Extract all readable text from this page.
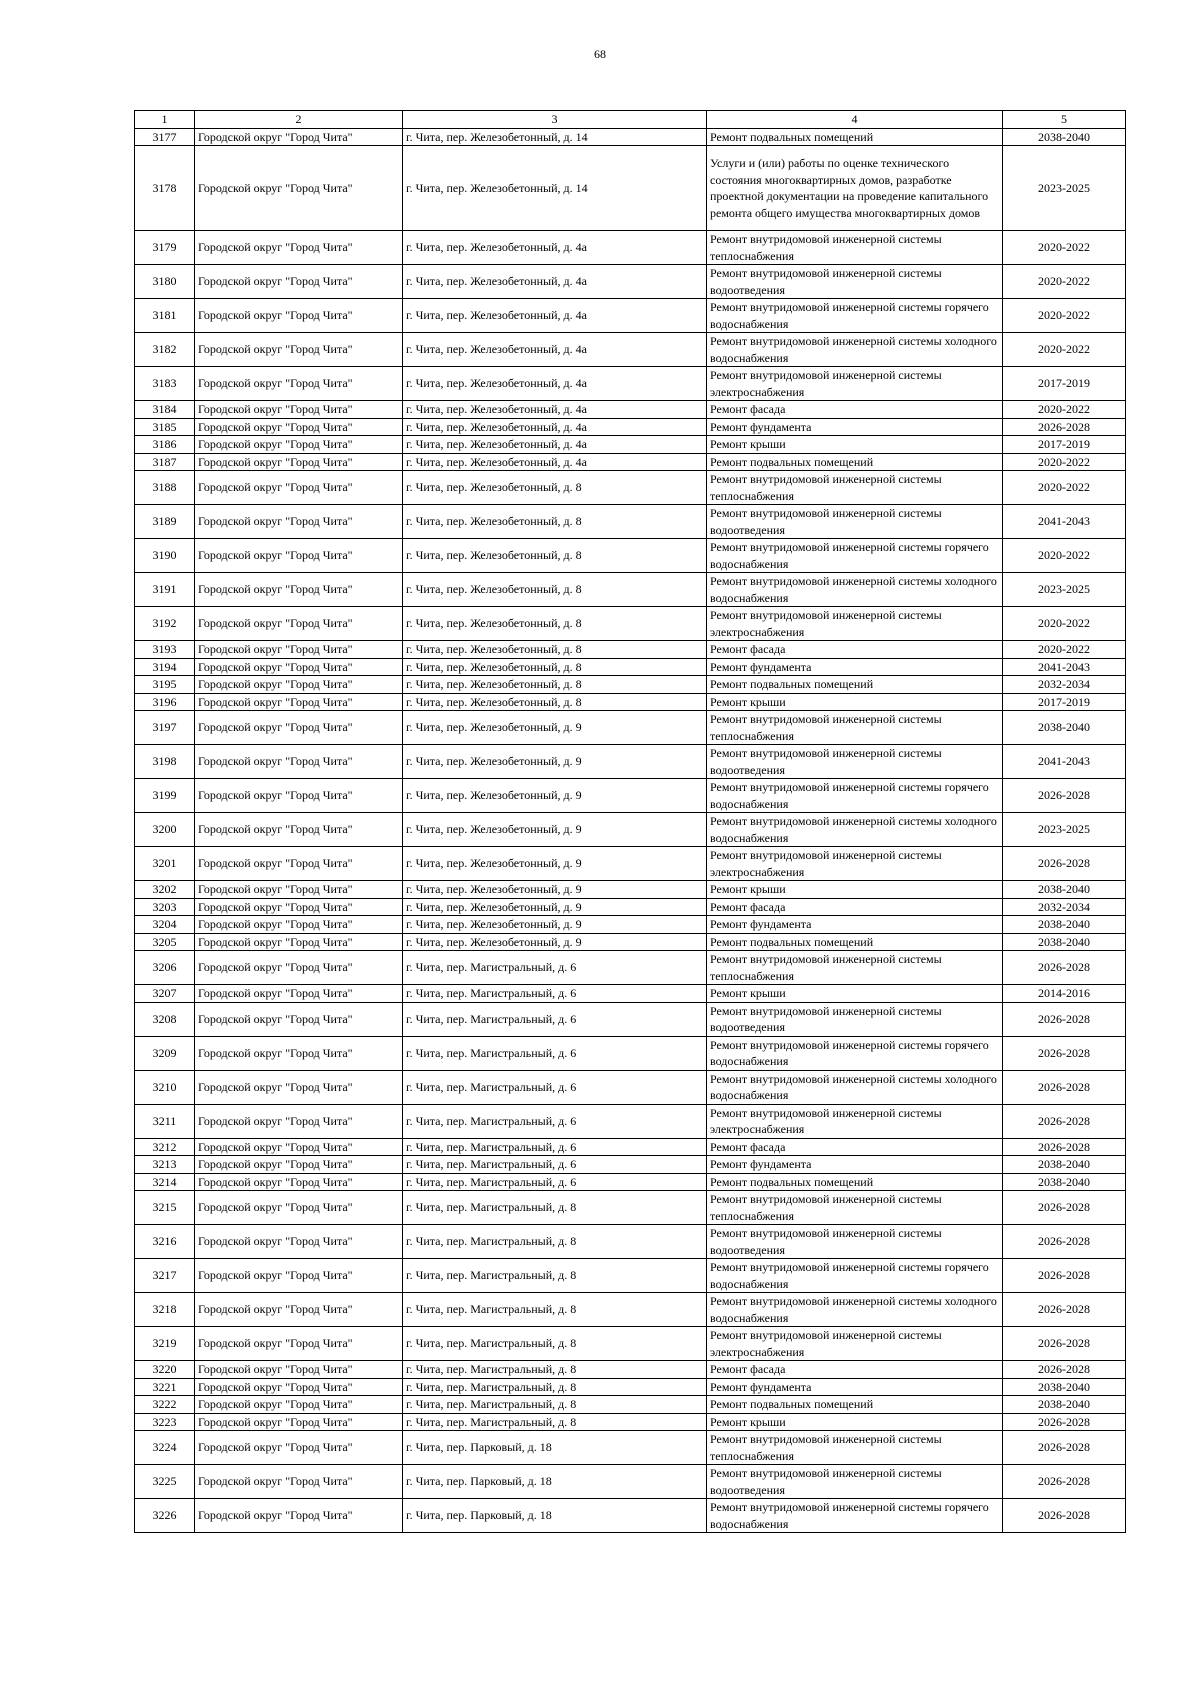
68
1	2	3	4	5
3177	Городской округ "Город Чита"	г. Чита, пер. Железобетонный, д. 14	Ремонт подвальных помещений	2038-2040
3178	Городской округ "Город Чита"	г. Чита, пер. Железобетонный, д. 14	Услуги и (или) работы по оценке технического состояния многоквартирных домов, разработке проектной документации на проведение капитального ремонта общего имущества многоквартирных домов	2023-2025
3179	Городской округ "Город Чита"	г. Чита, пер. Железобетонный, д. 4а	Ремонт внутридомовой инженерной системы теплоснабжения	2020-2022
3180	Городской округ "Город Чита"	г. Чита, пер. Железобетонный, д. 4а	Ремонт внутридомовой инженерной системы водоотведения	2020-2022
3181	Городской округ "Город Чита"	г. Чита, пер. Железобетонный, д. 4а	Ремонт внутридомовой инженерной системы горячего водоснабжения	2020-2022
3182	Городской округ "Город Чита"	г. Чита, пер. Железобетонный, д. 4а	Ремонт внутридомовой инженерной системы холодного водоснабжения	2020-2022
3183	Городской округ "Город Чита"	г. Чита, пер. Железобетонный, д. 4а	Ремонт внутридомовой инженерной системы электроснабжения	2017-2019
3184	Городской округ "Город Чита"	г. Чита, пер. Железобетонный, д. 4а	Ремонт фасада	2020-2022
3185	Городской округ "Город Чита"	г. Чита, пер. Железобетонный, д. 4а	Ремонт фундамента	2026-2028
3186	Городской округ "Город Чита"	г. Чита, пер. Железобетонный, д. 4а	Ремонт крыши	2017-2019
3187	Городской округ "Город Чита"	г. Чита, пер. Железобетонный, д. 4а	Ремонт подвальных помещений	2020-2022
3188	Городской округ "Город Чита"	г. Чита, пер. Железобетонный, д. 8	Ремонт внутридомовой инженерной системы теплоснабжения	2020-2022
3189	Городской округ "Город Чита"	г. Чита, пер. Железобетонный, д. 8	Ремонт внутридомовой инженерной системы водоотведения	2041-2043
3190	Городской округ "Город Чита"	г. Чита, пер. Железобетонный, д. 8	Ремонт внутридомовой инженерной системы горячего водоснабжения	2020-2022
3191	Городской округ "Город Чита"	г. Чита, пер. Железобетонный, д. 8	Ремонт внутридомовой инженерной системы холодного водоснабжения	2023-2025
3192	Городской округ "Город Чита"	г. Чита, пер. Железобетонный, д. 8	Ремонт внутридомовой инженерной системы электроснабжения	2020-2022
3193	Городской округ "Город Чита"	г. Чита, пер. Железобетонный, д. 8	Ремонт фасада	2020-2022
3194	Городской округ "Город Чита"	г. Чита, пер. Железобетонный, д. 8	Ремонт фундамента	2041-2043
3195	Городской округ "Город Чита"	г. Чита, пер. Железобетонный, д. 8	Ремонт подвальных помещений	2032-2034
3196	Городской округ "Город Чита"	г. Чита, пер. Железобетонный, д. 8	Ремонт крыши	2017-2019
3197	Городской округ "Город Чита"	г. Чита, пер. Железобетонный, д. 9	Ремонт внутридомовой инженерной системы теплоснабжения	2038-2040
3198	Городской округ "Город Чита"	г. Чита, пер. Железобетонный, д. 9	Ремонт внутридомовой инженерной системы водоотведения	2041-2043
3199	Городской округ "Город Чита"	г. Чита, пер. Железобетонный, д. 9	Ремонт внутридомовой инженерной системы горячего водоснабжения	2026-2028
3200	Городской округ "Город Чита"	г. Чита, пер. Железобетонный, д. 9	Ремонт внутридомовой инженерной системы холодного водоснабжения	2023-2025
3201	Городской округ "Город Чита"	г. Чита, пер. Железобетонный, д. 9	Ремонт внутридомовой инженерной системы электроснабжения	2026-2028
3202	Городской округ "Город Чита"	г. Чита, пер. Железобетонный, д. 9	Ремонт крыши	2038-2040
3203	Городской округ "Город Чита"	г. Чита, пер. Железобетонный, д. 9	Ремонт фасада	2032-2034
3204	Городской округ "Город Чита"	г. Чита, пер. Железобетонный, д. 9	Ремонт фундамента	2038-2040
3205	Городской округ "Город Чита"	г. Чита, пер. Железобетонный, д. 9	Ремонт подвальных помещений	2038-2040
3206	Городской округ "Город Чита"	г. Чита, пер. Магистральный, д. 6	Ремонт внутридомовой инженерной системы теплоснабжения	2026-2028
3207	Городской округ "Город Чита"	г. Чита, пер. Магистральный, д. 6	Ремонт крыши	2014-2016
3208	Городской округ "Город Чита"	г. Чита, пер. Магистральный, д. 6	Ремонт внутридомовой инженерной системы водоотведения	2026-2028
3209	Городской округ "Город Чита"	г. Чита, пер. Магистральный, д. 6	Ремонт внутридомовой инженерной системы горячего водоснабжения	2026-2028
3210	Городской округ "Город Чита"	г. Чита, пер. Магистральный, д. 6	Ремонт внутридомовой инженерной системы холодного водоснабжения	2026-2028
3211	Городской округ "Город Чита"	г. Чита, пер. Магистральный, д. 6	Ремонт внутридомовой инженерной системы электроснабжения	2026-2028
3212	Городской округ "Город Чита"	г. Чита, пер. Магистральный, д. 6	Ремонт фасада	2026-2028
3213	Городской округ "Город Чита"	г. Чита, пер. Магистральный, д. 6	Ремонт фундамента	2038-2040
3214	Городской округ "Город Чита"	г. Чита, пер. Магистральный, д. 6	Ремонт подвальных помещений	2038-2040
3215	Городской округ "Город Чита"	г. Чита, пер. Магистральный, д. 8	Ремонт внутридомовой инженерной системы теплоснабжения	2026-2028
3216	Городской округ "Город Чита"	г. Чита, пер. Магистральный, д. 8	Ремонт внутридомовой инженерной системы водоотведения	2026-2028
3217	Городской округ "Город Чита"	г. Чита, пер. Магистральный, д. 8	Ремонт внутридомовой инженерной системы горячего водоснабжения	2026-2028
3218	Городской округ "Город Чита"	г. Чита, пер. Магистральный, д. 8	Ремонт внутридомовой инженерной системы холодного водоснабжения	2026-2028
3219	Городской округ "Город Чита"	г. Чита, пер. Магистральный, д. 8	Ремонт внутридомовой инженерной системы электроснабжения	2026-2028
3220	Городской округ "Город Чита"	г. Чита, пер. Магистральный, д. 8	Ремонт фасада	2026-2028
3221	Городской округ "Город Чита"	г. Чита, пер. Магистральный, д. 8	Ремонт фундамента	2038-2040
3222	Городской округ "Город Чита"	г. Чита, пер. Магистральный, д. 8	Ремонт подвальных помещений	2038-2040
3223	Городской округ "Город Чита"	г. Чита, пер. Магистральный, д. 8	Ремонт крыши	2026-2028
3224	Городской округ "Город Чита"	г. Чита, пер. Парковый, д. 18	Ремонт внутридомовой инженерной системы теплоснабжения	2026-2028
3225	Городской округ "Город Чита"	г. Чита, пер. Парковый, д. 18	Ремонт внутридомовой инженерной системы водоотведения	2026-2028
3226	Городской округ "Город Чита"	г. Чита, пер. Парковый, д. 18	Ремонт внутридомовой инженерной системы горячего водоснабжения	2026-2028
